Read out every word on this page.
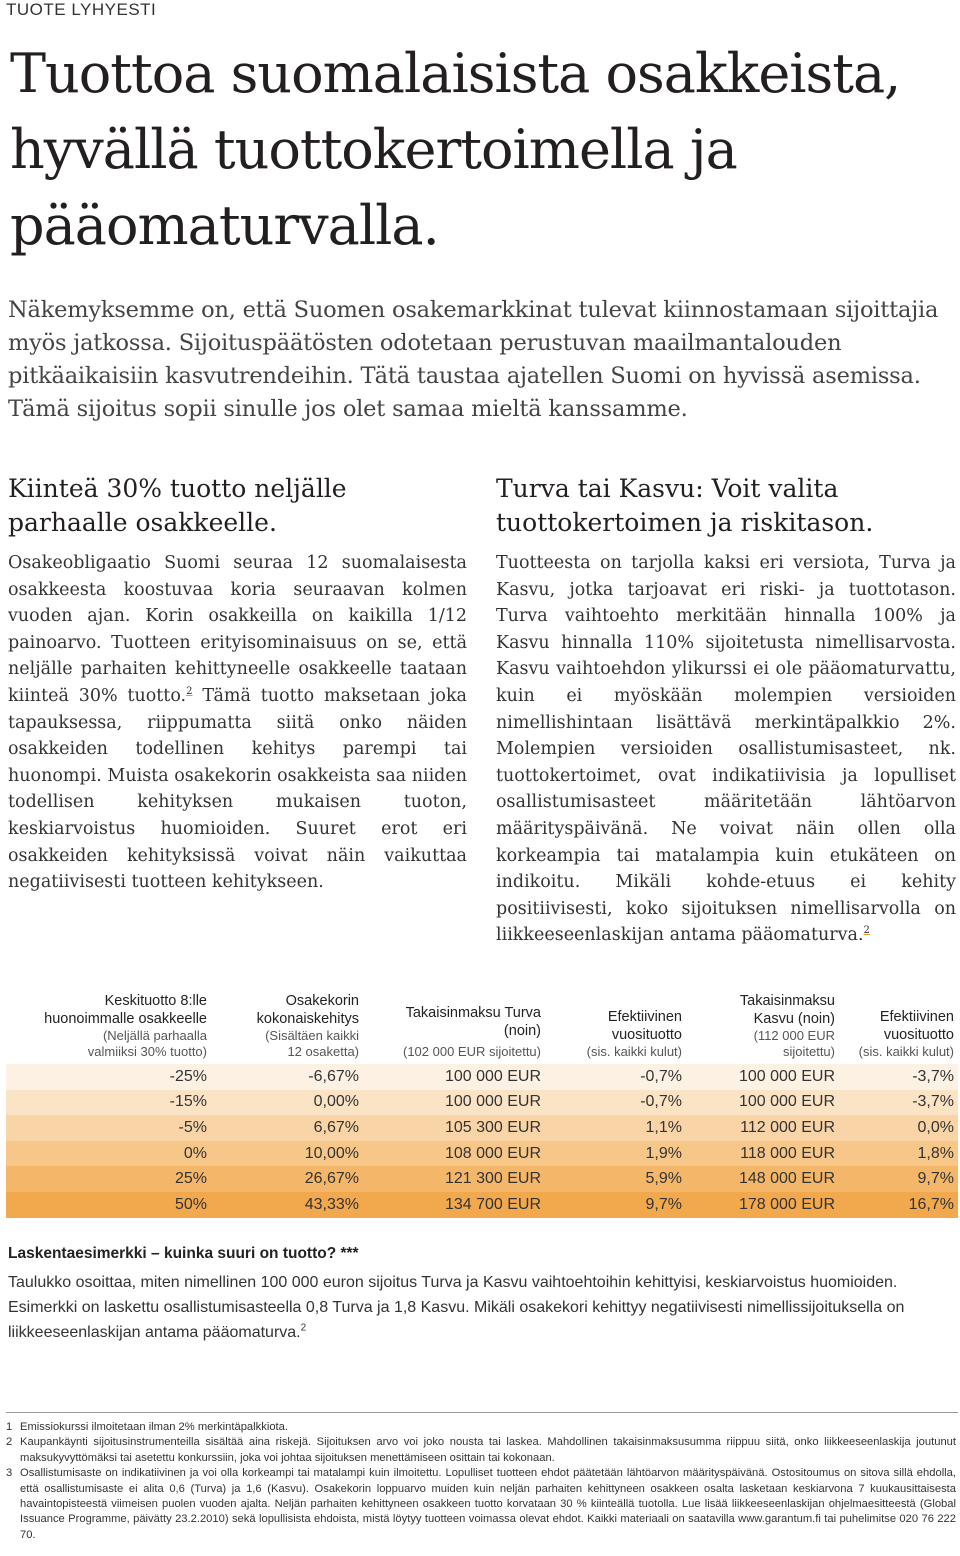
TUOTE LYHYESTI
Tuottoa suomalaisista osakkeista, hyvällä tuottokertoimella ja pääomaturvalla.

Näkemyksemme on, että Suomen osakemarkkinat tulevat kiinnostamaan sijoittajia myös jatkossa. Sijoituspäätösten odotetaan perustuvan maailmantalouden pitkäaikaisiin kasvutrendeihin. Tätä taustaa ajatellen Suomi on hyvissä asemissa. Tämä sijoitus sopii sinulle jos olet samaa mieltä kanssamme.

Kiinteä 30% tuotto neljälle parhaalle osakkeelle.

Osakeobligaatio Suomi seuraa 12 suomalaisesta osakkeesta koostuvaa koria seuraavan kolmen vuoden ajan. Korin osakkeilla on kaikilla 1/12 painoarvo. Tuotteen erityisominaisuus on se, että neljälle parhaiten kehittyneelle osakkeelle taataan kiinteä 30% tuotto.$^2$ Tämä tuotto maksetaan joka tapauksessa, riippumatta siitä onko näiden osakkeiden todellinen kehitys parempi tai huonompi. Muista osakekorin osakkeista saa niiden todellisen kehityksen mukaisen tuoton, keskiarvoistus huomioiden. Suuret erot eri osakkeiden kehityksissä voivat näin vaikuttaa negatiivisesti tuotteen kehitykseen.

Turva tai Kasvu: Voit valita tuottokertoimen ja riskitason.

Tuotteesta on tarjolla kaksi eri versiota, Turva ja Kasvu, jotka tarjoavat eri riski- ja tuottotason. Turva vaihtoehto merkitään hinnalla 100% ja Kasvu hinnalla 110% sijoitetusta nimellisarvosta. Kasvu vaihtoehdon ylikurssi ei ole pääomaturvattu, kuin ei myöskään molempien versioiden nimellishintaan lisättävä merkintäpalkkio 2%. Molempien versioiden osallistumisasteet, nk. tuottokertoimet, ovat indikatiivisia ja lopulliset osallistumisasteet määritetään lähtöarvon määrityspäivänä. Ne voivat näin ollen olla korkeampia tai matalampia kuin etukäteen on indikoitu. Mikäli kohde-etuus ei kehity positiivisesti, koko sijoituksen nimellisarvolla on liikkeeseenlaskijan antama pääomaturva.$^2$

Keskituotto 8:lle
huonoimmalle osakkeelle
(Neljällä parhaalla
valmiiksi 30% tuotto)	Osakekorin
kokonaiskehitys
(Sisältäen kaikki
12 osaketta)	Takaisinmaksu Turva
(noin)
(102 000 EUR sijoitettu)	Efektiivinen
vuosituotto
(sis. kaikki kulut)	Takaisinmaksu
Kasvu (noin)
(112 000 EUR
sijoitettu)	Efektiivinen
vuosituotto
(sis. kaikki kulut)

-25%	-6,67%	100 000 EUR	-0,7%	100 000 EUR	-3,7%
-15%	0,00%	100 000 EUR	-0,7%	100 000 EUR	-3,7%
-5%	6,67%	105 300 EUR	1,1%	112 000 EUR	0,0%
0%	10,00%	108 000 EUR	1,9%	118 000 EUR	1,8%
25%	26,67%	121 300 EUR	5,9%	148 000 EUR	9,7%
50%	43,33%	134 700 EUR	9,7%	178 000 EUR	16,7%
Laskentaesimerkki – kuinka suuri on tuotto? ***

Taulukko osoittaa, miten nimellinen 100 000 euron sijoitus Turva ja Kasvu vaihtoehtoihin kehittyisi, keskiarvoistus huomioiden. Esimerkki on laskettu osallistumisasteella 0,8 Turva ja 1,8 Kasvu. Mikäli osakekori kehittyy negatiivisesti nimellissijoituksella on liikkeeseenlaskijan antama pääomaturva.$^2$

1 Emissiokurssi ilmoitetaan ilman 2% merkintäpalkkiota.

2 Kaupankäynti sijoitusinstrumenteilla sisältää aina riskejä. Sijoituksen arvo voi joko nousta tai laskea. Mahdollinen takaisinmaksusumma riippuu siitä, onko liikkeeseenlaskija joutunut maksukyvyttömäksi tai asetettu konkurssiin, joka voi johtaa sijoituksen menettämiseen osittain tai kokonaan.

3 Osallistumisaste on indikatiivinen ja voi olla korkeampi tai matalampi kuin ilmoitettu. Lopulliset tuotteen ehdot päätetään lähtöarvon määrityspäivänä. Ostositoumus on sitova sillä ehdolla, että osallistumisaste ei alita 0,6 (Turva) ja 1,6 (Kasvu). Osakekorin loppuarvo muiden kuin neljän parhaiten kehittyneen osakkeen osalta lasketaan keskiarvona 7 kuukausittaisesta havaintopisteestä viimeisen puolen vuoden ajalta. Neljän parhaiten kehittyneen osakkeen tuotto korvataan 30 % kiinteällä tuotolla. Lue lisää liikkeeseenlaskijan ohjelmaesitteestä (Global Issuance Programme, päivätty 23.2.2010) sekä lopullisista ehdoista, mistä löytyy tuotteen voimassa olevat ehdot. Kaikki materiaali on saatavilla www.garantum.fi tai puhelimitse 020 76 222 70.
